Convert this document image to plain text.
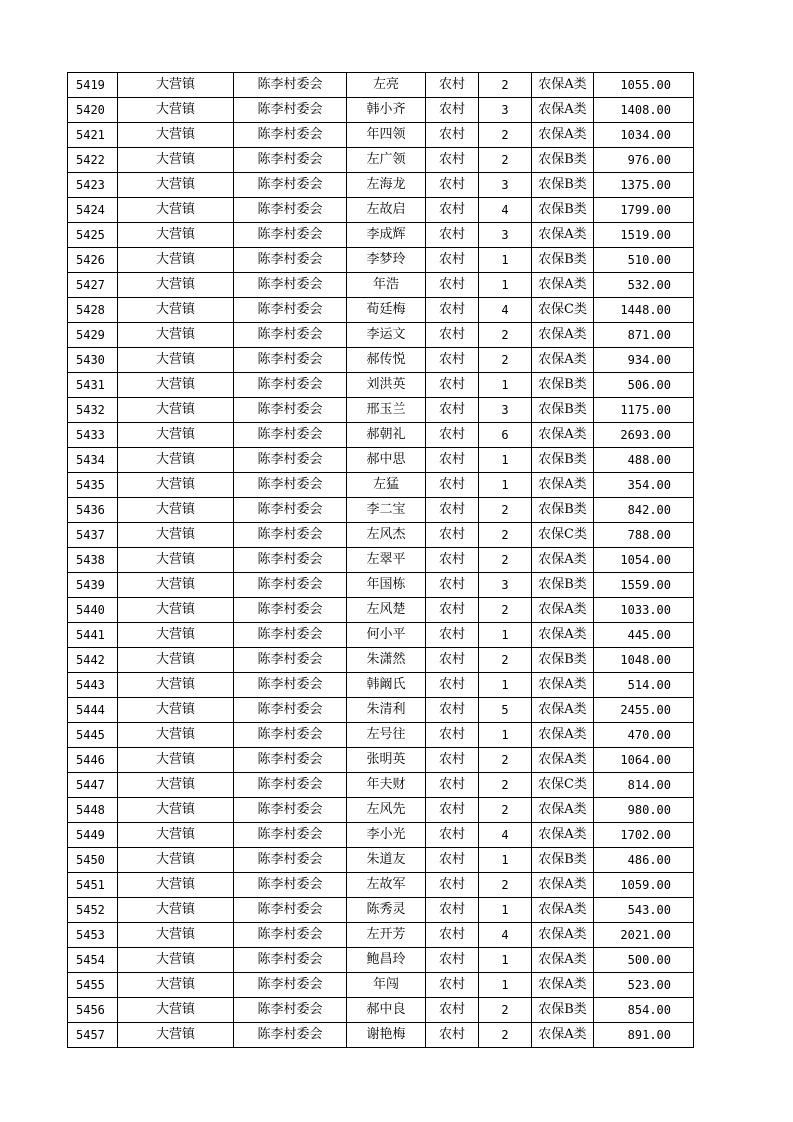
5419	大营镇	陈李村委会	左亮	农村	2	农保A类	1055.00
5420	大营镇	陈李村委会	韩小齐	农村	3	农保A类	1408.00
5421	大营镇	陈李村委会	年四领	农村	2	农保A类	1034.00
5422	大营镇	陈李村委会	左广领	农村	2	农保B类	976.00
5423	大营镇	陈李村委会	左海龙	农村	3	农保B类	1375.00
5424	大营镇	陈李村委会	左故启	农村	4	农保B类	1799.00
5425	大营镇	陈李村委会	李成辉	农村	3	农保A类	1519.00
5426	大营镇	陈李村委会	李梦玲	农村	1	农保B类	510.00
5427	大营镇	陈李村委会	年浩	农村	1	农保A类	532.00
5428	大营镇	陈李村委会	荀廷梅	农村	4	农保C类	1448.00
5429	大营镇	陈李村委会	李运文	农村	2	农保A类	871.00
5430	大营镇	陈李村委会	郝传悦	农村	2	农保A类	934.00
5431	大营镇	陈李村委会	刘洪英	农村	1	农保B类	506.00
5432	大营镇	陈李村委会	邢玉兰	农村	3	农保B类	1175.00
5433	大营镇	陈李村委会	郝朝礼	农村	6	农保A类	2693.00
5434	大营镇	陈李村委会	郝中思	农村	1	农保B类	488.00
5435	大营镇	陈李村委会	左猛	农村	1	农保A类	354.00
5436	大营镇	陈李村委会	李二宝	农村	2	农保B类	842.00
5437	大营镇	陈李村委会	左风杰	农村	2	农保C类	788.00
5438	大营镇	陈李村委会	左翠平	农村	2	农保A类	1054.00
5439	大营镇	陈李村委会	年国栋	农村	3	农保B类	1559.00
5440	大营镇	陈李村委会	左风楚	农村	2	农保A类	1033.00
5441	大营镇	陈李村委会	何小平	农村	1	农保A类	445.00
5442	大营镇	陈李村委会	朱潇然	农村	2	农保B类	1048.00
5443	大营镇	陈李村委会	韩阚氏	农村	1	农保A类	514.00
5444	大营镇	陈李村委会	朱清利	农村	5	农保A类	2455.00
5445	大营镇	陈李村委会	左号往	农村	1	农保A类	470.00
5446	大营镇	陈李村委会	张明英	农村	2	农保A类	1064.00
5447	大营镇	陈李村委会	年夫财	农村	2	农保C类	814.00
5448	大营镇	陈李村委会	左风先	农村	2	农保A类	980.00
5449	大营镇	陈李村委会	李小光	农村	4	农保A类	1702.00
5450	大营镇	陈李村委会	朱道友	农村	1	农保B类	486.00
5451	大营镇	陈李村委会	左故军	农村	2	农保A类	1059.00
5452	大营镇	陈李村委会	陈秀灵	农村	1	农保A类	543.00
5453	大营镇	陈李村委会	左开芳	农村	4	农保A类	2021.00
5454	大营镇	陈李村委会	鲍昌玲	农村	1	农保A类	500.00
5455	大营镇	陈李村委会	年闯	农村	1	农保A类	523.00
5456	大营镇	陈李村委会	郝中良	农村	2	农保B类	854.00
5457	大营镇	陈李村委会	谢艳梅	农村	2	农保A类	891.00
